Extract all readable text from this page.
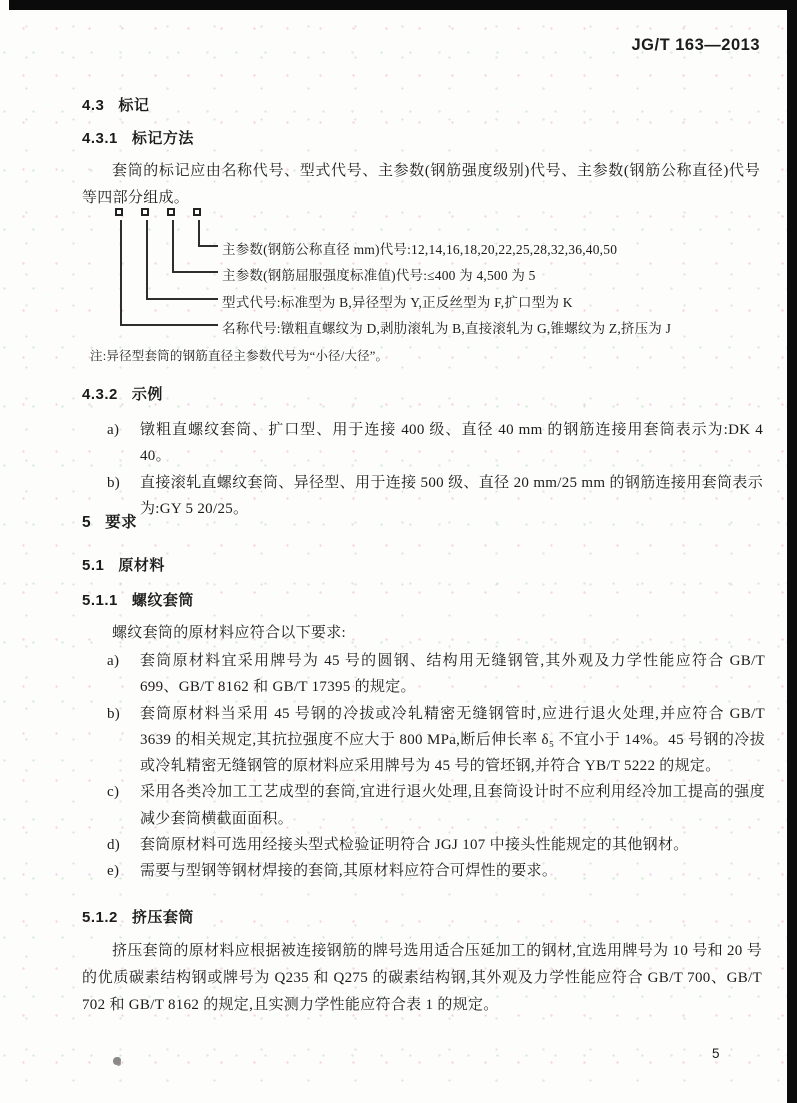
JG/T 163—2013
4.3 标记
4.3.1 标记方法
套筒的标记应由名称代号、型式代号、主参数(钢筋强度级别)代号、主参数(钢筋公称直径)代号等四部分组成。
主参数(钢筋公称直径 mm)代号:12,14,16,18,20,22,25,28,32,36,40,50
主参数(钢筋屈服强度标准值)代号:≤400 为 4,500 为 5
型式代号:标准型为 B,异径型为 Y,正反丝型为 F,扩口型为 K
名称代号:镦粗直螺纹为 D,剥肋滚轧为 B,直接滚轧为 G,锥螺纹为 Z,挤压为 J
注:异径型套筒的钢筋直径主参数代号为“小径/大径”。
4.3.2 示例
a)	镦粗直螺纹套筒、扩口型、用于连接 400 级、直径 40 mm 的钢筋连接用套筒表示为:DK 4 40。
b)	直接滚轧直螺纹套筒、异径型、用于连接 500 级、直径 20 mm/25 mm 的钢筋连接用套筒表示为:GY 5 20/25。
5 要求
5.1 原材料
5.1.1 螺纹套筒
螺纹套筒的原材料应符合以下要求:
a)	套筒原材料宜采用牌号为 45 号的圆钢、结构用无缝钢管,其外观及力学性能应符合 GB/T 699、GB/T 8162 和 GB/T 17395 的规定。
b)	套筒原材料当采用 45 号钢的冷拔或冷轧精密无缝钢管时,应进行退火处理,并应符合 GB/T 3639 的相关规定,其抗拉强度不应大于 800 MPa,断后伸长率 δ₅ 不宜小于 14%。45 号钢的冷拔或冷轧精密无缝钢管的原材料应采用牌号为 45 号的管坯钢,并符合 YB/T 5222 的规定。
c)	采用各类冷加工工艺成型的套筒,宜进行退火处理,且套筒设计时不应利用经冷加工提高的强度减少套筒横截面面积。
d)	套筒原材料可选用经接头型式检验证明符合 JGJ 107 中接头性能规定的其他钢材。
e)	需要与型钢等钢材焊接的套筒,其原材料应符合可焊性的要求。
5.1.2 挤压套筒
挤压套筒的原材料应根据被连接钢筋的牌号选用适合压延加工的钢材,宜选用牌号为 10 号和 20 号的优质碳素结构钢或牌号为 Q235 和 Q275 的碳素结构钢,其外观及力学性能应符合 GB/T 700、GB/T 702 和 GB/T 8162 的规定,且实测力学性能应符合表 1 的规定。
5
